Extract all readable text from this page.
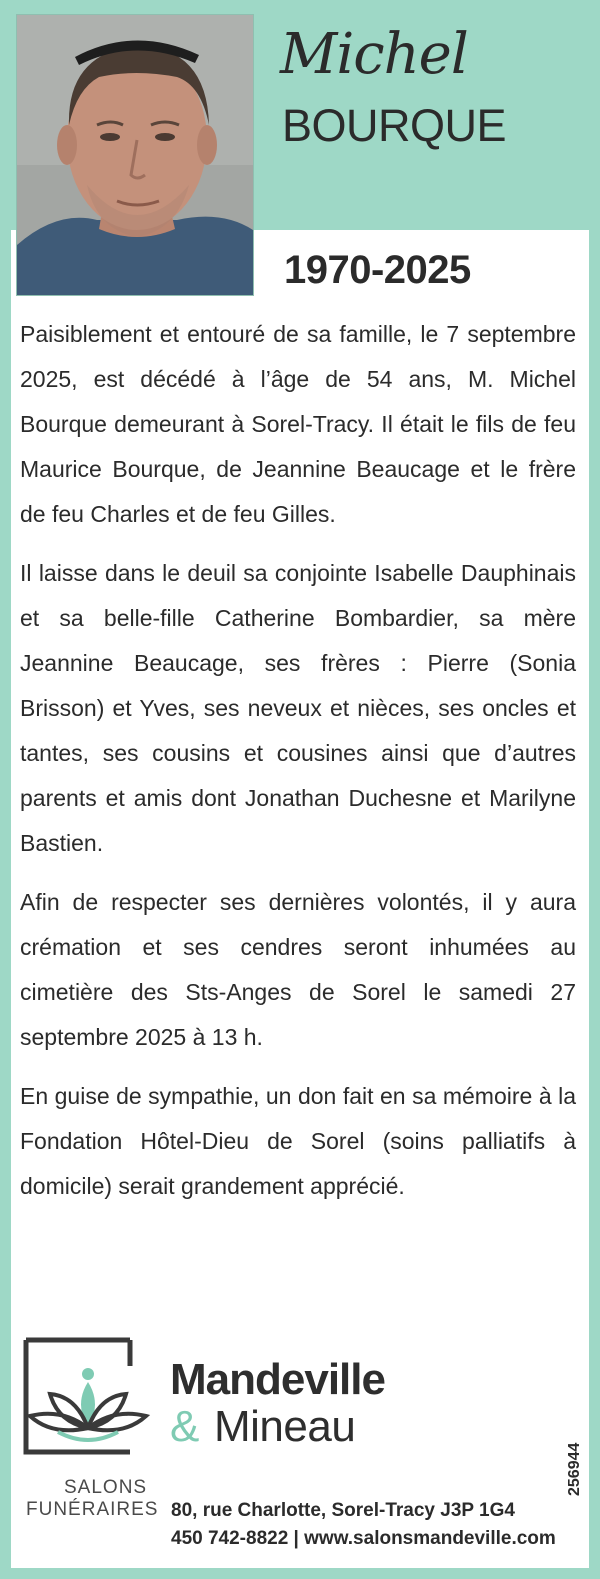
Michel
BOURQUE
1970-2025

Paisiblement et entouré de sa famille, le 7 septembre 2025, est décédé à l’âge de 54 ans, M. Michel Bourque demeurant à Sorel-Tracy. Il était le fils de feu Maurice Bourque, de Jeannine Beaucage et le frère de feu Charles et de feu Gilles.

Il laisse dans le deuil sa conjointe Isabelle Dauphinais et sa belle-fille Catherine Bombardier, sa mère Jeannine Beaucage, ses frères : Pierre (Sonia Brisson) et Yves, ses neveux et nièces, ses oncles et tantes, ses cousins et cousines ainsi que d’autres parents et amis dont Jonathan Duchesne et Marilyne Bastien.

Afin de respecter ses dernières volontés, il y aura crémation et ses cendres seront inhumées au cimetière des Sts-Anges de Sorel le samedi 27 septembre 2025 à 13 h.

En guise de sympathie, un don fait en sa mémoire à la Fondation Hôtel-Dieu de Sorel (soins palliatifs à domicile) serait grandement apprécié.

Mandeville
& Mineau
SALONS
FUNÉRAIRES 80, rue Charlotte, Sorel-Tracy J3P 1G4
450 742-8822 | www.salonsmandeville.com
256944
